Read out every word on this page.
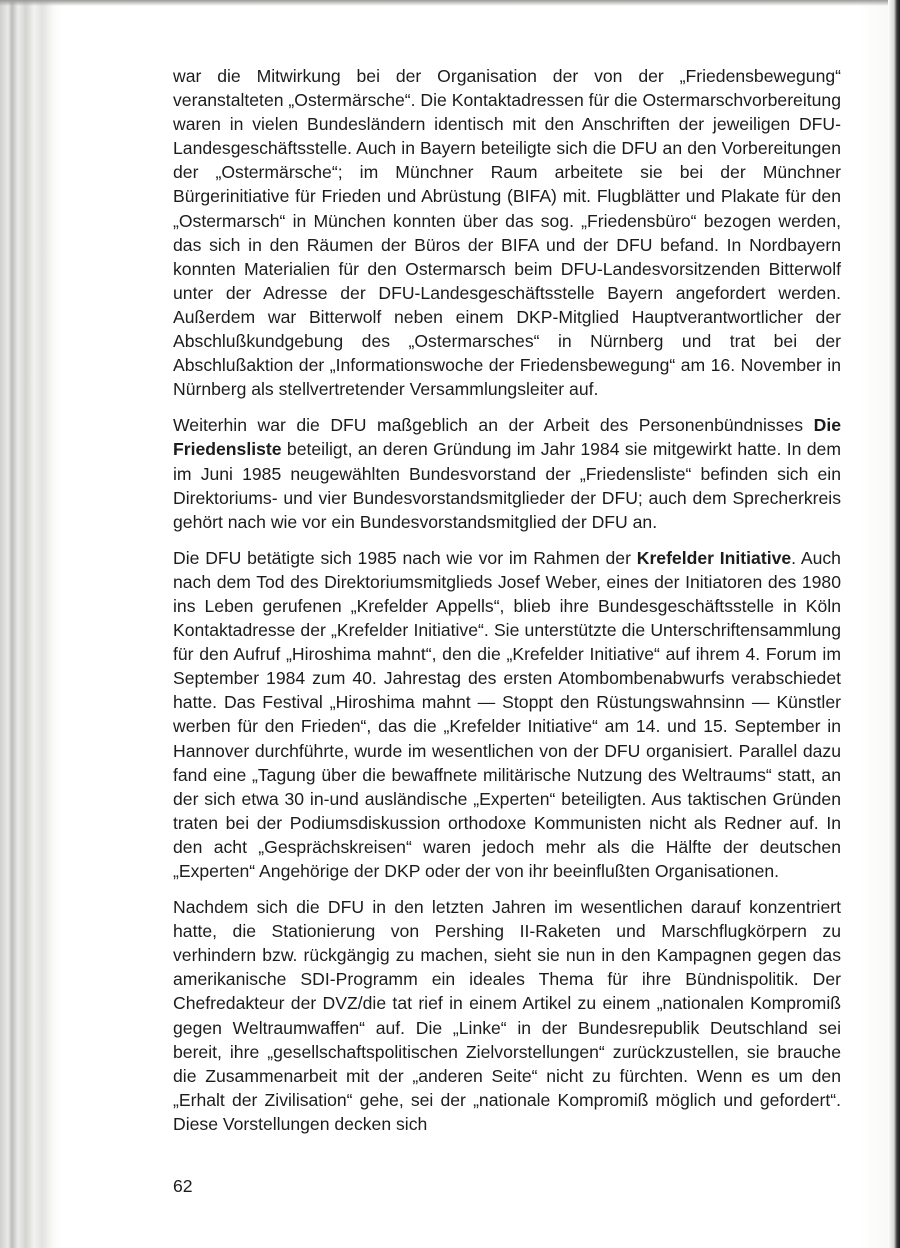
war die Mitwirkung bei der Organisation der von der „Friedensbewegung“ veranstalteten „Ostermärsche“. Die Kontaktadressen für die Ostermarschvorbereitung waren in vielen Bundesländern identisch mit den Anschriften der jeweiligen DFU- Landesgeschäftsstelle. Auch in Bayern beteiligte sich die DFU an den Vorbereitungen der „Ostermärsche“; im Münchner Raum arbeitete sie bei der Münchner Bürgerinitiative für Frieden und Abrüstung (BIFA) mit. Flugblätter und Plakate für den „Ostermarsch“ in München konnten über das sog. „Friedensbüro“ bezogen werden, das sich in den Räumen der Büros der BIFA und der DFU befand. In Nordbayern konnten Materialien für den Ostermarsch beim DFU-Landesvorsitzenden Bitterwolf unter der Adresse der DFU-Landesgeschäftsstelle Bayern angefordert werden. Außerdem war Bitterwolf neben einem DKP-Mitglied Hauptverantwortlicher der Abschlußkundgebung des „Ostermarsches“ in Nürnberg und trat bei der Abschlußaktion der „Informationswoche der Friedensbewegung“ am 16. November in Nürnberg als stellvertretender Versammlungsleiter auf.

Weiterhin war die DFU maßgeblich an der Arbeit des Personenbündnisses Die Friedensliste beteiligt, an deren Gründung im Jahr 1984 sie mitgewirkt hatte. In dem im Juni 1985 neugewählten Bundesvorstand der „Friedensliste“ befinden sich ein Direktoriums- und vier Bundesvorstandsmitglieder der DFU; auch dem Sprecherkreis gehört nach wie vor ein Bundesvorstandsmitglied der DFU an.

Die DFU betätigte sich 1985 nach wie vor im Rahmen der Krefelder Initiative. Auch nach dem Tod des Direktoriumsmitglieds Josef Weber, eines der Initiatoren des 1980 ins Leben gerufenen „Krefelder Appells“, blieb ihre Bundesgeschäftsstelle in Köln Kontaktadresse der „Krefelder Initiative“. Sie unterstützte die Unterschriftensammlung für den Aufruf „Hiroshima mahnt“, den die „Krefelder Initiative“ auf ihrem 4. Forum im September 1984 zum 40. Jahrestag des ersten Atombombenabwurfs verabschiedet hatte. Das Festival „Hiroshima mahnt — Stoppt den Rüstungswahnsinn — Künstler werben für den Frieden“, das die „Krefelder Initiative“ am 14. und 15. September in Hannover durchführte, wurde im wesentlichen von der DFU organisiert. Parallel dazu fand eine „Tagung über die bewaffnete militärische Nutzung des Weltraums“ statt, an der sich etwa 30 in-und ausländische „Experten“ beteiligten. Aus taktischen Gründen traten bei der Podiumsdiskussion orthodoxe Kommunisten nicht als Redner auf. In den acht „Gesprächskreisen“ waren jedoch mehr als die Hälfte der deutschen „Experten“ Angehörige der DKP oder der von ihr beeinflußten Organisationen.

Nachdem sich die DFU in den letzten Jahren im wesentlichen darauf konzentriert hatte, die Stationierung von Pershing II-Raketen und Marschflugkörpern zu verhindern bzw. rückgängig zu machen, sieht sie nun in den Kampagnen gegen das amerikanische SDI-Programm ein ideales Thema für ihre Bündnispolitik. Der Chefredakteur der DVZ/die tat rief in einem Artikel zu einem „nationalen Kompromiß gegen Weltraumwaffen“ auf. Die „Linke“ in der Bundesrepublik Deutschland sei bereit, ihre „gesellschaftspolitischen Zielvorstellungen“ zurückzustellen, sie brauche die Zusammenarbeit mit der „anderen Seite“ nicht zu fürchten. Wenn es um den „Erhalt der Zivilisation“ gehe, sei der „nationale Kompromiß möglich und gefordert“. Diese Vorstellungen decken sich

62
